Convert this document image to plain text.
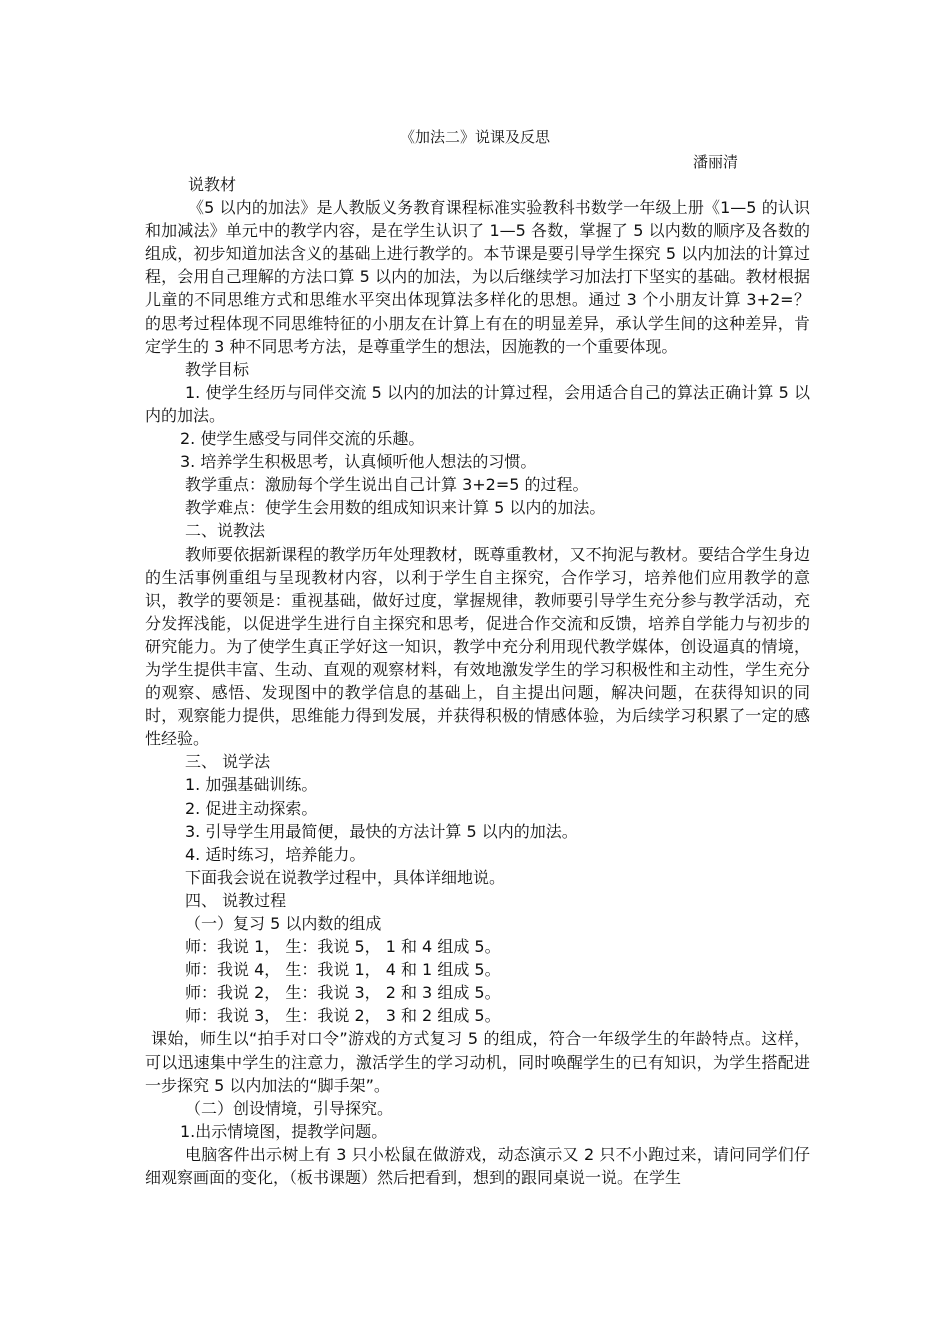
《加法二》说课及反思
潘丽清

说教材

《5 以内的加法》是人教版义务教育课程标准实验教科书数学一年级上册《1—5 的认识和加减法》单元中的教学内容，是在学生认识了 1—5 各数，掌握了 5 以内数的顺序及各数的组成，初步知道加法含义的基础上进行教学的。本节课是要引导学生探究 5 以内加法的计算过程，会用自己理解的方法口算 5 以内的加法，为以后继续学习加法打下坚实的基础。教材根据儿童的不同思维方式和思维水平突出体现算法多样化的思想。通过 3 个小朋友计算 3+2=？ 的思考过程体现不同思维特征的小朋友在计算上有在的明显差异，承认学生间的这种差异，肯定学生的 3 种不同思考方法，是尊重学生的想法，因施教的一个重要体现。

教学目标

1. 使学生经历与同伴交流 5 以内的加法的计算过程，会用适合自己的算法正确计算 5 以内的加法。

2. 使学生感受与同伴交流的乐趣。

3. 培养学生积极思考，认真倾听他人想法的习惯。

教学重点：激励每个学生说出自己计算 3+2=5 的过程。

教学难点：使学生会用数的组成知识来计算 5 以内的加法。

二、说教法

教师要依据新课程的教学历年处理教材，既尊重教材，又不拘泥与教材。要结合学生身边的生活事例重组与呈现教材内容，以利于学生自主探究，合作学习，培养他们应用教学的意识，教学的要领是：重视基础，做好过度，掌握规律，教师要引导学生充分参与教学活动，充分发挥浅能，以促进学生进行自主探究和思考，促进合作交流和反馈，培养自学能力与初步的研究能力。为了使学生真正学好这一知识，教学中充分利用现代教学媒体，创设逼真的情境，为学生提供丰富、生动、直观的观察材料，有效地激发学生的学习积极性和主动性，学生充分的观察、感悟、发现图中的教学信息的基础上，自主提出问题，解决问题，在获得知识的同时，观察能力提供，思维能力得到发展，并获得积极的情感体验，为后续学习积累了一定的感性经验。

三、 说学法

1. 加强基础训练。

2. 促进主动探索。

3. 引导学生用最简便，最快的方法计算 5 以内的加法。

4. 适时练习，培养能力。

下面我会说在说教学过程中，具体详细地说。

四、 说教过程

（一）复习 5 以内数的组成

师：我说 1， 生：我说 5， 1 和 4 组成 5。

师：我说 4， 生：我说 1， 4 和 1 组成 5。

师：我说 2， 生：我说 3， 2 和 3 组成 5。

师：我说 3， 生：我说 2， 3 和 2 组成 5。

课始，师生以“拍手对口令”游戏的方式复习 5 的组成，符合一年级学生的年龄特点。这样，可以迅速集中学生的注意力，激活学生的学习动机，同时唤醒学生的已有知识，为学生搭配进一步探究 5 以内加法的“脚手架”。

（二）创设情境，引导探究。

1.出示情境图，提教学问题。

电脑客件出示树上有 3 只小松鼠在做游戏，动态演示又 2 只不小跑过来，请问同学们仔细观察画面的变化，（板书课题）然后把看到，想到的跟同桌说一说。在学生
